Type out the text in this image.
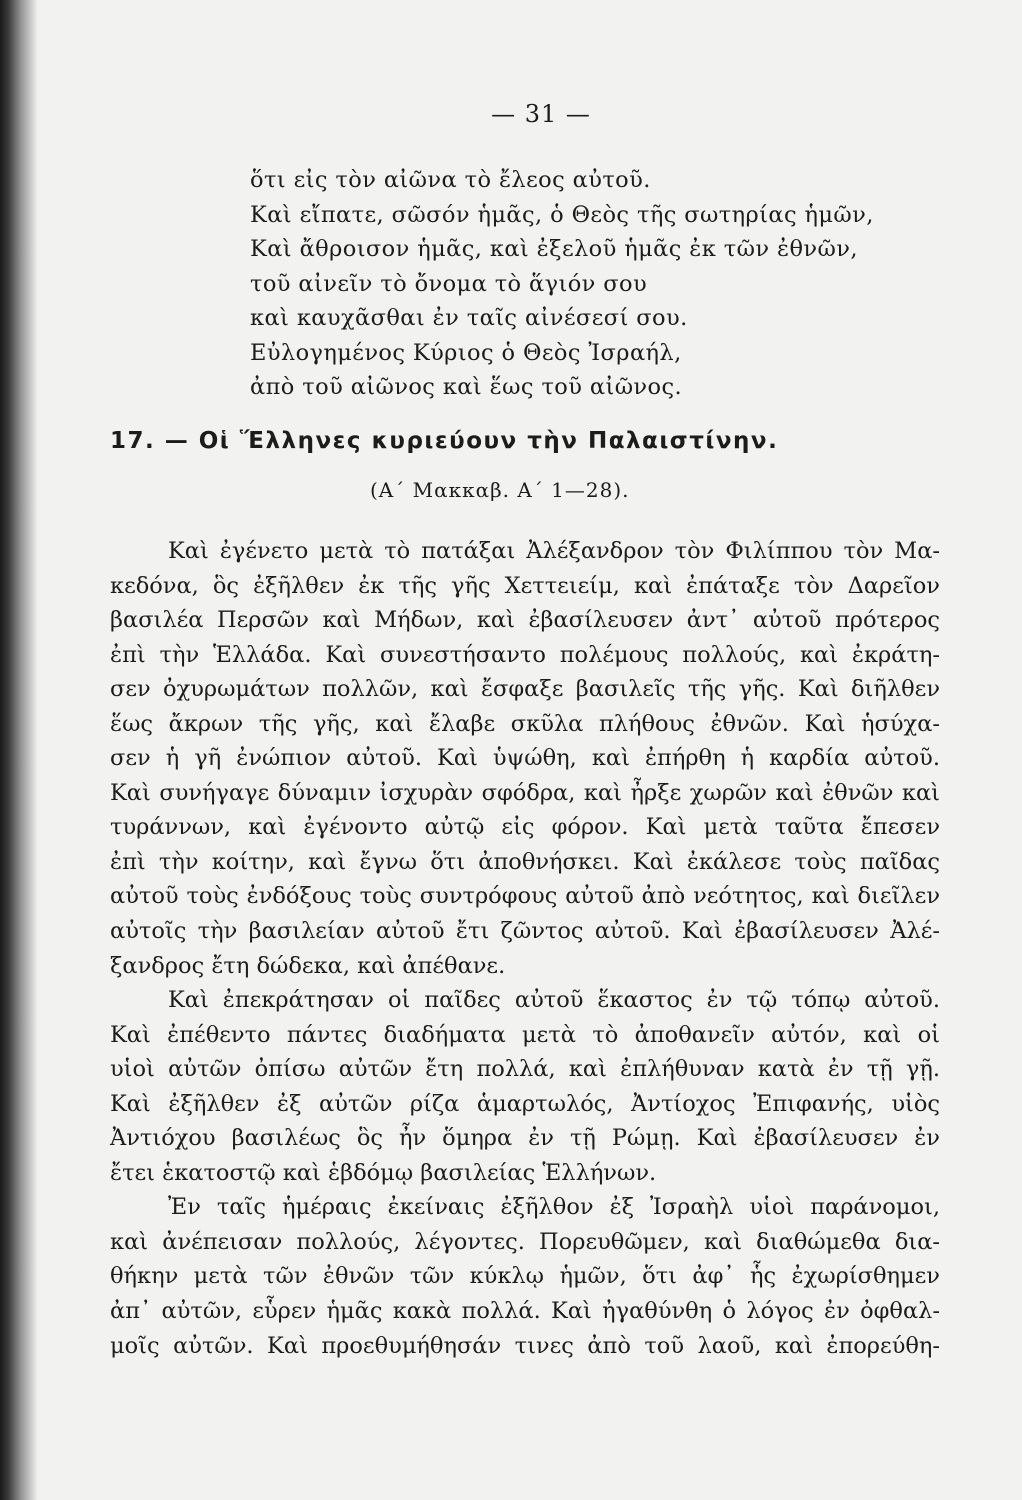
— 31 —
ὅτι εἰς τὸν αἰῶνα τὸ ἔλεος αὐτοῦ.
Καὶ εἴπατε, σῶσόν ἡμᾶς, ὁ Θεὸς τῆς σωτηρίας ἡμῶν,
Καὶ ἄθροισον ἡμᾶς, καὶ ἐξελοῦ ἡμᾶς ἐκ τῶν ἐθνῶν,
τοῦ αἰνεῖν τὸ ὄνομα τὸ ἅγιόν σου
καὶ καυχᾶσθαι ἐν ταῖς αἰνέσεσί σου.
Εὐλογημένος Κύριος ὁ Θεὸς Ἰσραήλ,
ἀπὸ τοῦ αἰῶνος καὶ ἕως τοῦ αἰῶνος.
17. — Οἱ Ἕλληνες κυριεύουν τὴν Παλαιστίνην.
(Α΄ Μακκαβ. Α΄ 1—28).
Καὶ ἐγένετο μετὰ τὸ πατάξαι Ἀλέξανδρον τὸν Φιλίππου τὸν Μα-
κεδόνα, ὃς ἐξῆλθεν ἐκ τῆς γῆς Χεττειείμ, καὶ ἐπάταξε τὸν Δαρεῖον
βασιλέα Περσῶν καὶ Μήδων, καὶ ἐβασίλευσεν ἀντ᾽ αὐτοῦ πρότερος
ἐπὶ τὴν Ἑλλάδα. Καὶ συνεστήσαντο πολέμους πολλούς, καὶ ἐκράτη-
σεν ὀχυρωμάτων πολλῶν, καὶ ἔσφαξε βασιλεῖς τῆς γῆς. Καὶ διῆλθεν
ἕως ἄκρων τῆς γῆς, καὶ ἔλαβε σκῦλα πλήθους ἐθνῶν. Καὶ ἡσύχα-
σεν ἡ γῆ ἐνώπιον αὐτοῦ. Καὶ ὑψώθη, καὶ ἐπήρθη ἡ καρδία αὐτοῦ.
Καὶ συνήγαγε δύναμιν ἰσχυρὰν σφόδρα, καὶ ἦρξε χωρῶν καὶ ἐθνῶν καὶ
τυράννων, καὶ ἐγένοντο αὐτῷ εἰς φόρον. Καὶ μετὰ ταῦτα ἔπεσεν
ἐπὶ τὴν κοίτην, καὶ ἔγνω ὅτι ἀποθνήσκει. Καὶ ἐκάλεσε τοὺς παῖδας
αὐτοῦ τοὺς ἐνδόξους τοὺς συντρόφους αὐτοῦ ἀπὸ νεότητος, καὶ διεῖλεν
αὐτοῖς τὴν βασιλείαν αὐτοῦ ἔτι ζῶντος αὐτοῦ. Καὶ ἐβασίλευσεν Ἀλέ-
ξανδρος ἔτη δώδεκα, καὶ ἀπέθανε.
Καὶ ἐπεκράτησαν οἱ παῖδες αὐτοῦ ἕκαστος ἐν τῷ τόπῳ αὐτοῦ.
Καὶ ἐπέθεντο πάντες διαδήματα μετὰ τὸ ἀποθανεῖν αὐτόν, καὶ οἱ
υἱοὶ αὐτῶν ὀπίσω αὐτῶν ἔτη πολλά, καὶ ἐπλήθυναν κατὰ ἐν τῇ γῇ.
Καὶ ἐξῆλθεν ἐξ αὐτῶν ρίζα ἁμαρτωλός, Ἀντίοχος Ἐπιφανής, υἱὸς
Ἀντιόχου βασιλέως ὃς ἦν ὅμηρα ἐν τῇ Ρώμῃ. Καὶ ἐβασίλευσεν ἐν
ἔτει ἑκατοστῷ καὶ ἑβδόμῳ βασιλείας Ἑλλήνων.
Ἐν ταῖς ἡμέραις ἐκείναις ἐξῆλθον ἐξ Ἰσραὴλ υἱοὶ παράνομοι,
καὶ ἀνέπεισαν πολλούς, λέγοντες. Πορευθῶμεν, καὶ διαθώμεθα δια-
θήκην μετὰ τῶν ἐθνῶν τῶν κύκλῳ ἡμῶν, ὅτι ἀφ᾽ ἧς ἐχωρίσθημεν
ἀπ᾽ αὐτῶν, εὗρεν ἡμᾶς κακὰ πολλά. Καὶ ἠγαθύνθη ὁ λόγος ἐν ὀφθαλ-
μοῖς αὐτῶν. Καὶ προεθυμήθησάν τινες ἀπὸ τοῦ λαοῦ, καὶ ἐπορεύθη-
